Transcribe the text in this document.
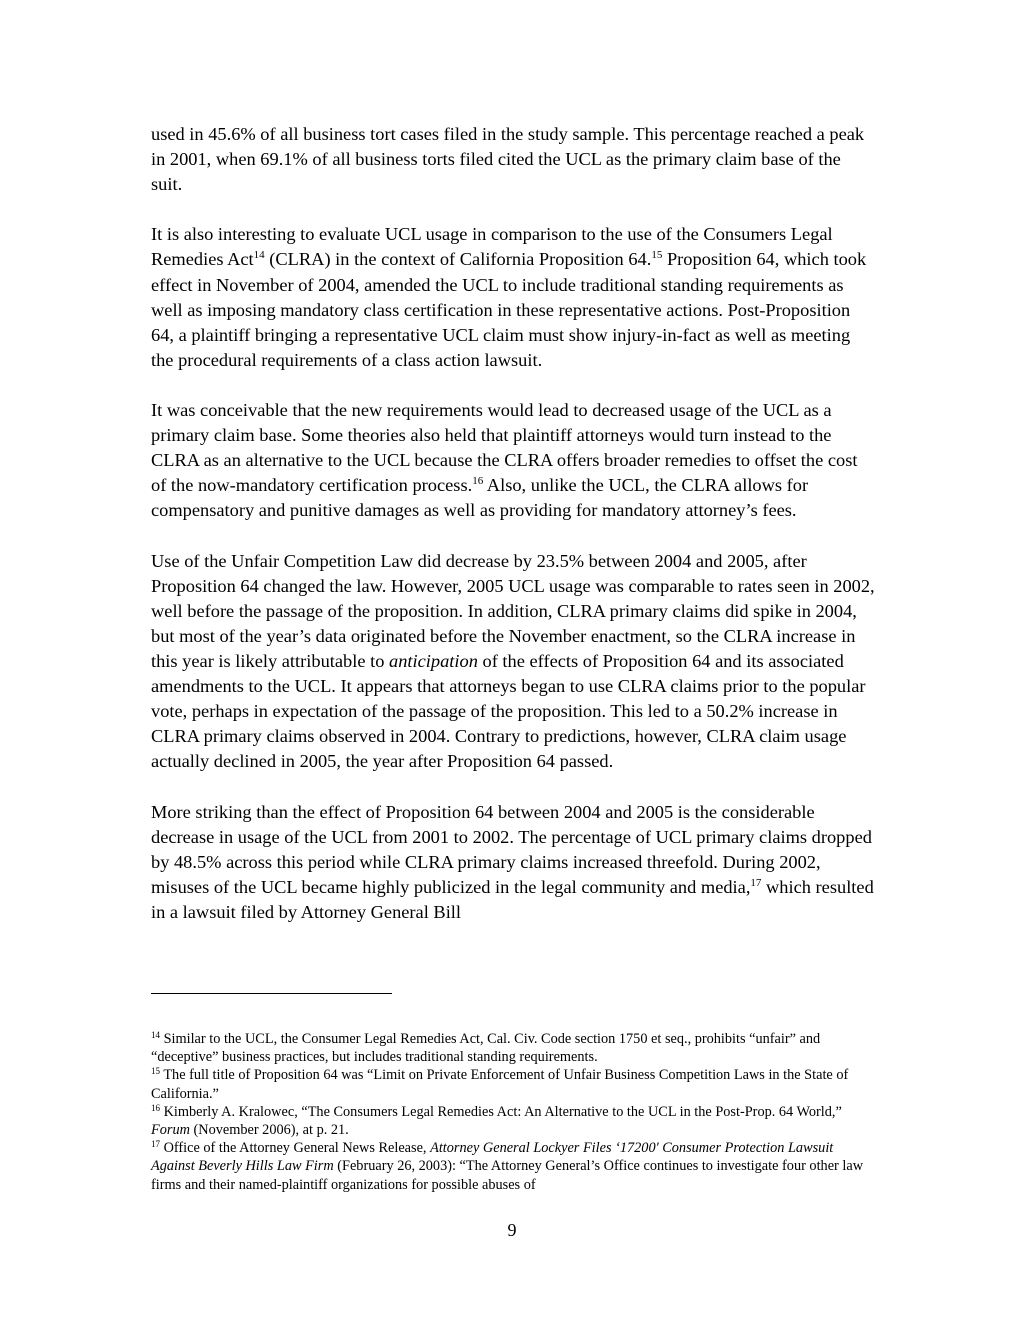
used in 45.6% of all business tort cases filed in the study sample. This percentage reached a peak in 2001, when 69.1% of all business torts filed cited the UCL as the primary claim base of the suit.

It is also interesting to evaluate UCL usage in comparison to the use of the Consumers Legal Remedies Act$^{14}$ (CLRA) in the context of California Proposition 64.15 Proposition 64, which took effect in November of 2004, amended the UCL to include traditional standing requirements as well as imposing mandatory class certification in these representative actions. Post-Proposition 64, a plaintiff bringing a representative UCL claim must show injury-in-fact as well as meeting the procedural requirements of a class action lawsuit.

It was conceivable that the new requirements would lead to decreased usage of the UCL as a primary claim base. Some theories also held that plaintiff attorneys would turn instead to the CLRA as an alternative to the UCL because the CLRA offers broader remedies to offset the cost of the now-mandatory certification process.$^{16}$ Also, unlike the UCL, the CLRA allows for compensatory and punitive damages as well as providing for mandatory attorney’s fees.

Use of the Unfair Competition Law did decrease by 23.5% between 2004 and 2005, after Proposition 64 changed the law. However, 2005 UCL usage was comparable to rates seen in 2002, well before the passage of the proposition. In addition, CLRA primary claims did spike in 2004, but most of the year’s data originated before the November enactment, so the CLRA increase in this year is likely attributable to anticipation of the effects of Proposition 64 and its associated amendments to the UCL. It appears that attorneys began to use CLRA claims prior to the popular vote, perhaps in expectation of the passage of the proposition. This led to a 50.2% increase in CLRA primary claims observed in 2004. Contrary to predictions, however, CLRA claim usage actually declined in 2005, the year after Proposition 64 passed.

More striking than the effect of Proposition 64 between 2004 and 2005 is the considerable decrease in usage of the UCL from 2001 to 2002. The percentage of UCL primary claims dropped by 48.5% across this period while CLRA primary claims increased threefold. During 2002, misuses of the UCL became highly publicized in the legal community and media,$^{17}$ which resulted in a lawsuit filed by Attorney General Bill

$^{14}$ Similar to the UCL, the Consumer Legal Remedies Act, Cal. Civ. Code section 1750 et seq., prohibits “unfair” and “deceptive” business practices, but includes traditional standing requirements.

$^{15}$ The full title of Proposition 64 was “Limit on Private Enforcement of Unfair Business Competition Laws in the State of California.”

$^{16}$ Kimberly A. Kralowec, “The Consumers Legal Remedies Act: An Alternative to the UCL in the Post-Prop. 64 World,” Forum (November 2006), at p. 21.

$^{17}$ Office of the Attorney General News Release, Attorney General Lockyer Files ‘17200' Consumer Protection Lawsuit Against Beverly Hills Law Firm (February 26, 2003): “The Attorney General’s Office continues to investigate four other law firms and their named-plaintiff organizations for possible abuses of

9
